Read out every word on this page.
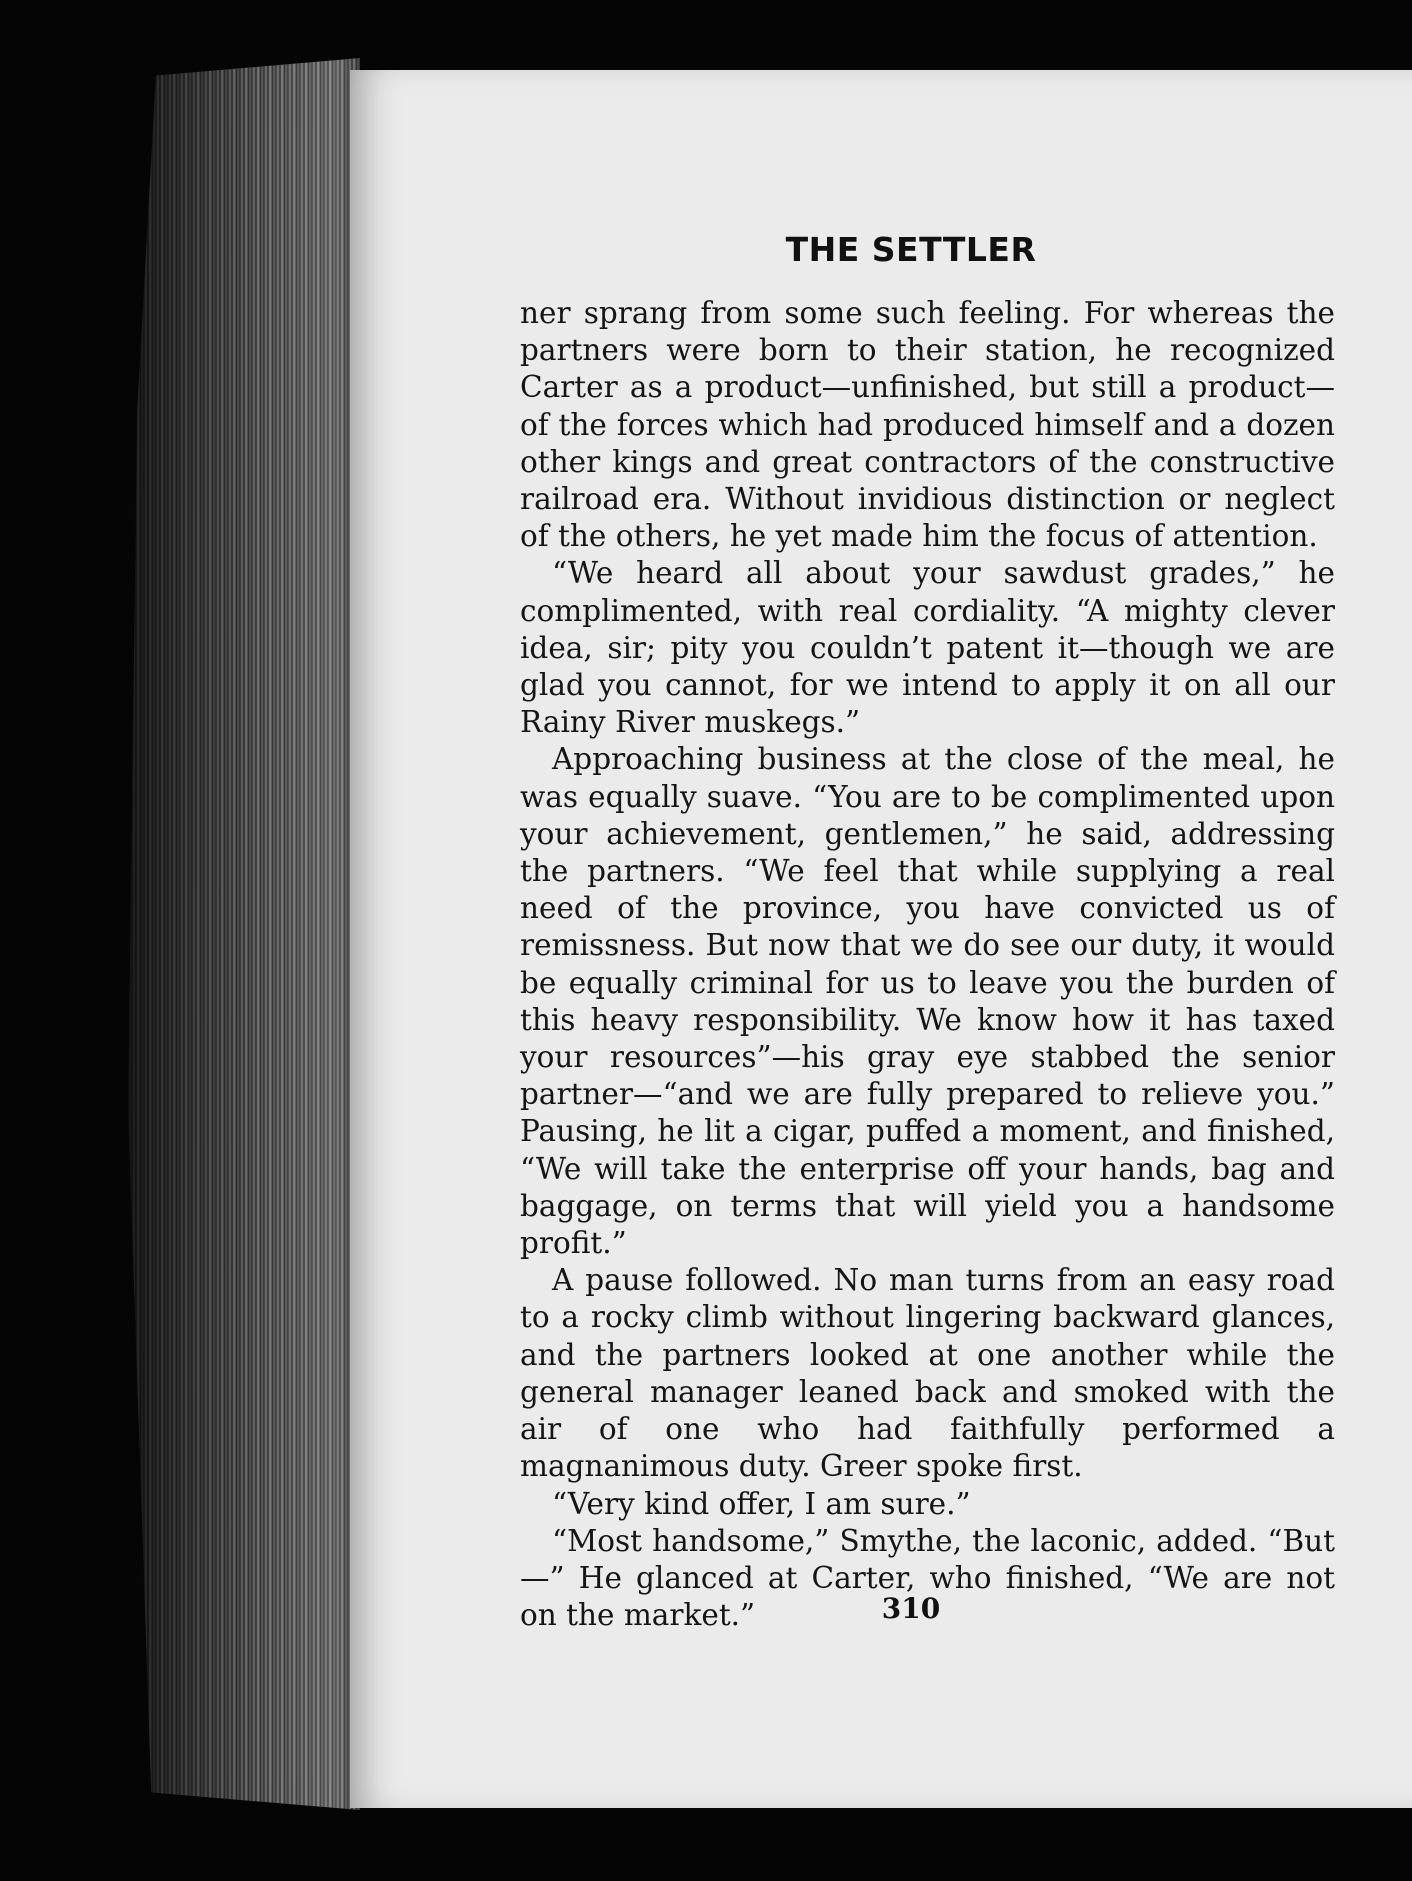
THE SETTLER

ner sprang from some such feeling. For whereas the partners were born to their station, he recognized Carter as a product—unfinished, but still a product—of the forces which had produced himself and a dozen other kings and great contractors of the constructive railroad era. Without invidious distinction or neglect of the others, he yet made him the focus of attention.

“We heard all about your sawdust grades,” he complimented, with real cordiality. “A mighty clever idea, sir; pity you couldn’t patent it—though we are glad you cannot, for we intend to apply it on all our Rainy River muskegs.”

Approaching business at the close of the meal, he was equally suave. “You are to be complimented upon your achievement, gentlemen,” he said, addressing the partners. “We feel that while supplying a real need of the province, you have convicted us of remissness. But now that we do see our duty, it would be equally criminal for us to leave you the burden of this heavy responsibility. We know how it has taxed your resources”—his gray eye stabbed the senior partner—“and we are fully prepared to relieve you.” Pausing, he lit a cigar, puffed a moment, and finished, “We will take the enterprise off your hands, bag and baggage, on terms that will yield you a handsome profit.”

A pause followed. No man turns from an easy road to a rocky climb without lingering backward glances, and the partners looked at one another while the general manager leaned back and smoked with the air of one who had faithfully performed a magnanimous duty. Greer spoke first.

“Very kind offer, I am sure.”

“Most handsome,” Smythe, the laconic, added. “But—” He glanced at Carter, who finished, “We are not on the market.”	310
